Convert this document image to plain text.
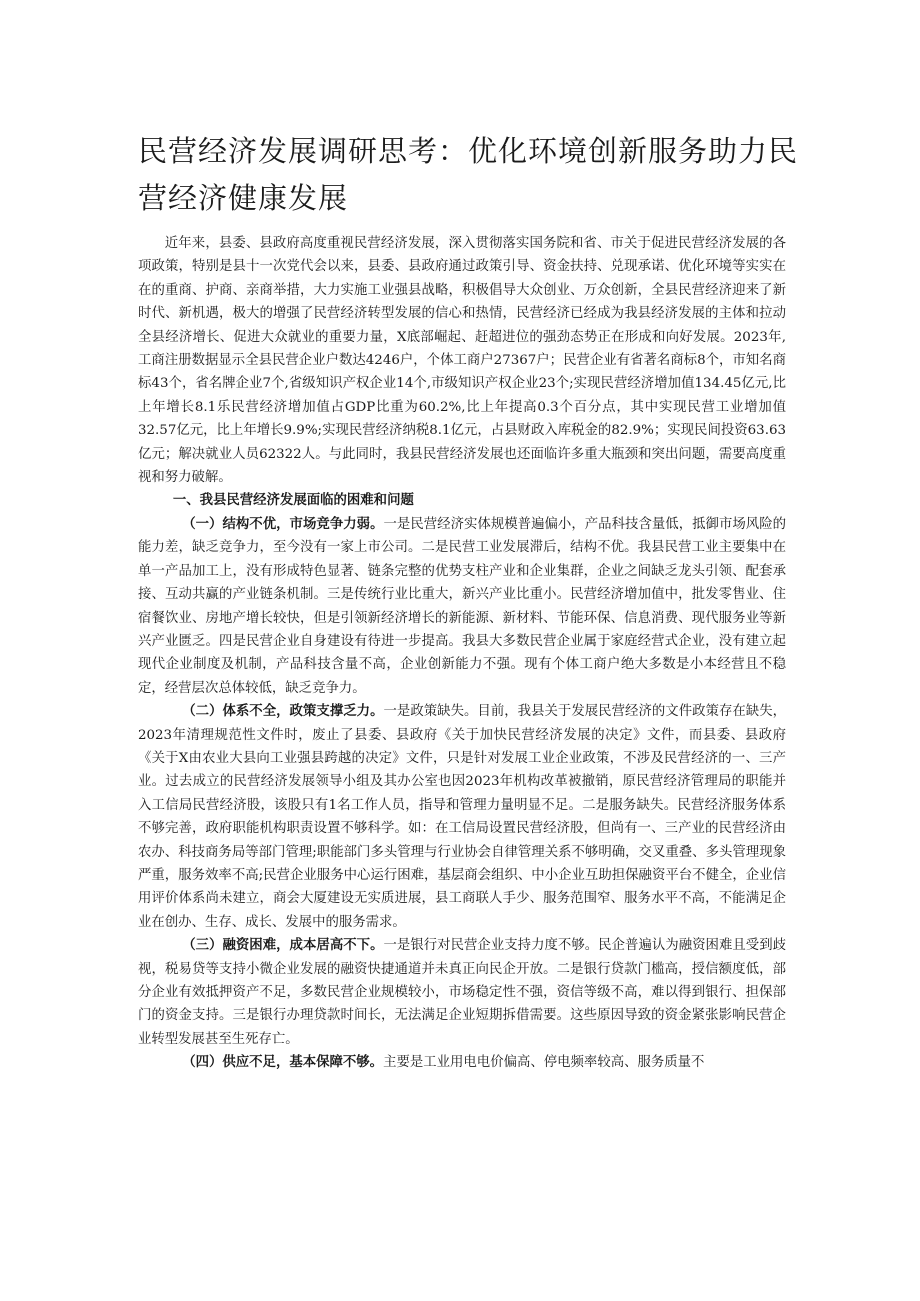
民营经济发展调研思考：优化环境创新服务助力民营经济健康发展

近年来，县委、县政府高度重视民营经济发展，深入贯彻落实国务院和省、市关于促进民营经济发展的各项政策，特别是县十一次党代会以来，县委、县政府通过政策引导、资金扶持、兑现承诺、优化环境等实实在在的重商、护商、亲商举措，大力实施工业强县战略，积极倡导大众创业、万众创新，全县民营经济迎来了新时代、新机遇，极大的增强了民营经济转型发展的信心和热情，民营经济已经成为我县经济发展的主体和拉动全县经济增长、促进大众就业的重要力量，X底部崛起、赶超进位的强劲态势正在形成和向好发展。2023年,工商注册数据显示全县民营企业户数达4246户，个体工商户27367户；民营企业有省著名商标8个，市知名商标43个，省名牌企业7个,省级知识产权企业14个,市级知识产权企业23个;实现民营经济增加值134.45亿元,比上年增长8.1乐民营经济增加值占GDP比重为60.2%,比上年提高0.3个百分点，其中实现民营工业增加值32.57亿元，比上年增长9.9%;实现民营经济纳税8.1亿元，占县财政入库税金的82.9%；实现民间投资63.63亿元；解决就业人员62322人。与此同时，我县民营经济发展也还面临许多重大瓶颈和突出问题，需要高度重视和努力破解。

一、我县民营经济发展面临的困难和问题

（一）结构不优，市场竞争力弱。一是民营经济实体规模普遍偏小，产品科技含量低，抵御市场风险的能力差，缺乏竞争力，至今没有一家上市公司。二是民营工业发展滞后，结构不优。我县民营工业主要集中在单一产品加工上，没有形成特色显著、链条完整的优势支柱产业和企业集群，企业之间缺乏龙头引领、配套承接、互动共赢的产业链条机制。三是传统行业比重大，新兴产业比重小。民营经济增加值中，批发零售业、住宿餐饮业、房地产增长较快，但是引领新经济增长的新能源、新材料、节能环保、信息消费、现代服务业等新兴产业匮乏。四是民营企业自身建设有待进一步提高。我县大多数民营企业属于家庭经营式企业，没有建立起现代企业制度及机制，产品科技含量不高，企业创新能力不强。现有个体工商户绝大多数是小本经营且不稳定，经营层次总体较低，缺乏竞争力。

（二）体系不全，政策支撑乏力。一是政策缺失。目前，我县关于发展民营经济的文件政策存在缺失，2023年清理规范性文件时，废止了县委、县政府《关于加快民营经济发展的决定》文件，而县委、县政府《关于X由农业大县向工业强县跨越的决定》文件，只是针对发展工业企业政策，不涉及民营经济的一、三产业。过去成立的民营经济发展领导小组及其办公室也因2023年机构改革被撤销，原民营经济管理局的职能并入工信局民营经济股，该股只有1名工作人员，指导和管理力量明显不足。二是服务缺失。民营经济服务体系不够完善，政府职能机构职责设置不够科学。如：在工信局设置民营经济股，但尚有一、三产业的民营经济由农办、科技商务局等部门管理;职能部门多头管理与行业协会自律管理关系不够明确，交叉重叠、多头管理现象严重，服务效率不高;民营企业服务中心运行困难，基层商会组织、中小企业互助担保融资平台不健全，企业信用评价体系尚未建立，商会大厦建设无实质进展，县工商联人手少、服务范围窄、服务水平不高，不能满足企业在创办、生存、成长、发展中的服务需求。

（三）融资困难，成本居高不下。一是银行对民营企业支持力度不够。民企普遍认为融资困难且受到歧视，税易贷等支持小微企业发展的融资快捷通道并未真正向民企开放。二是银行贷款门槛高，授信额度低，部分企业有效抵押资产不足，多数民营企业规模较小，市场稳定性不强，资信等级不高，难以得到银行、担保部门的资金支持。三是银行办理贷款时间长，无法满足企业短期拆借需要。这些原因导致的资金紧张影响民营企业转型发展甚至生死存亡。

（四）供应不足，基本保障不够。主要是工业用电电价偏高、停电频率较高、服务质量不
